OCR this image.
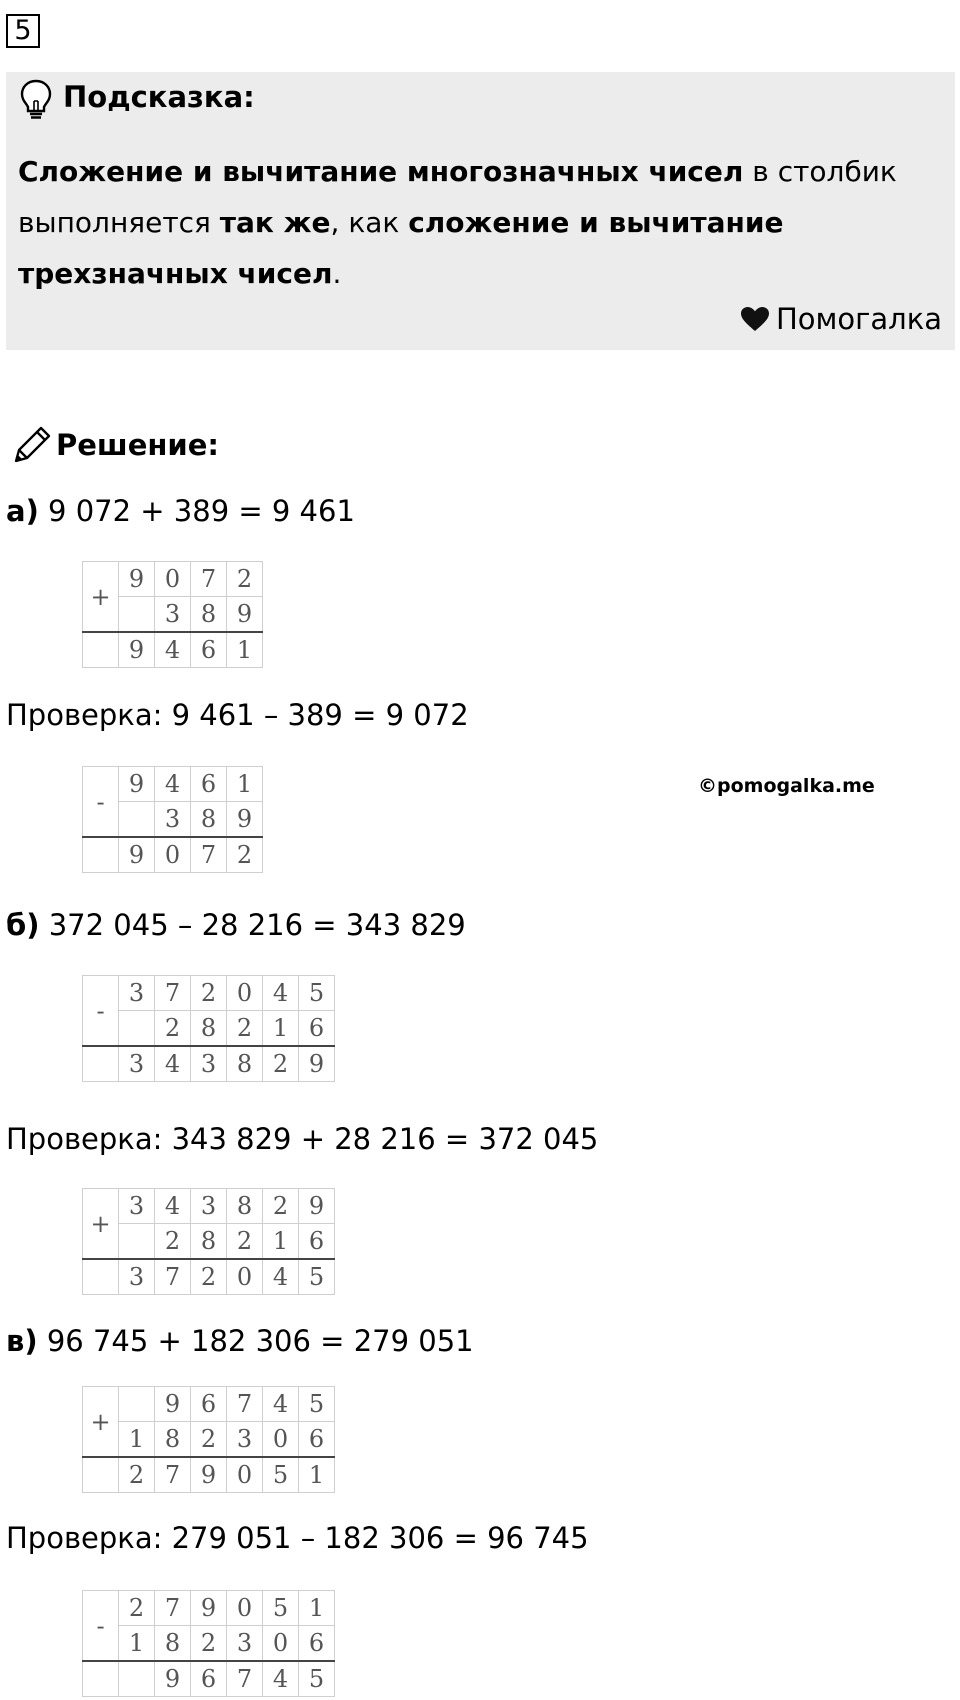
5
Подсказка:
Сложение и вычитание многозначных чисел в столбик выполняется так же, как сложение и вычитание трехзначных чисел.
Помогалка
Решение:
а) 9 072 + 389 = 9 461
Проверка: 9 461 – 389 = 9 072
©pomogalka.me
б) 372 045 – 28 216 = 343 829
Проверка: 343 829 + 28 216 = 372 045
в) 96 745 + 182 306 = 279 051
Проверка: 279 051 – 182 306 = 96 745
+	9	0	7	2
		3	8	9
	9	4	6	1
-	9	4	6	1
		3	8	9
	9	0	7	2
-	3	7	2	0	4	5
		2	8	2	1	6
	3	4	3	8	2	9
+	3	4	3	8	2	9
		2	8	2	1	6
	3	7	2	0	4	5
+		9	6	7	4	5
	1	8	2	3	0	6
	2	7	9	0	5	1
-	2	7	9	0	5	1
	1	8	2	3	0	6
		9	6	7	4	5
